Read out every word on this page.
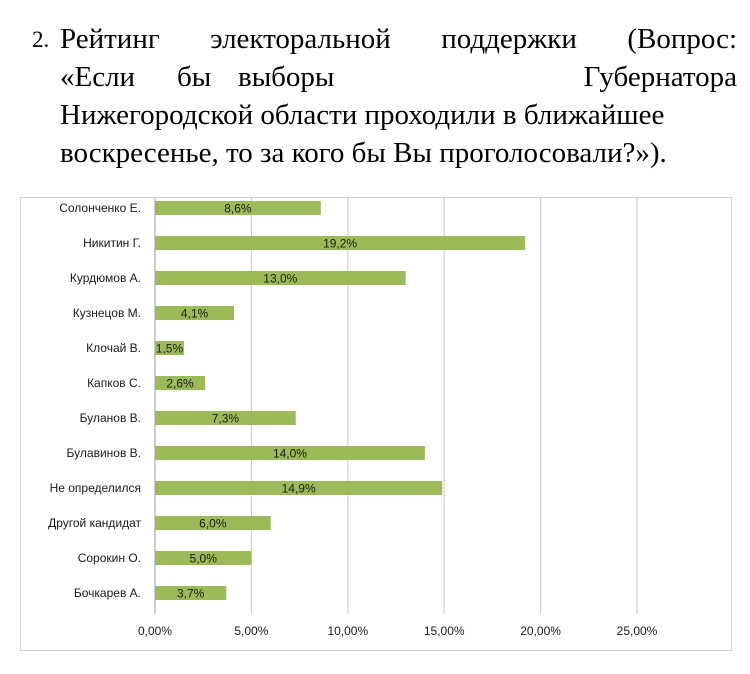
2. Рейтинг электоральной поддержки (Вопрос:
«Если бы выборы	Губернатора
Нижегородской области проходили в ближайшее
воскресенье, то за кого бы Вы проголосовали?»).
0,00%	5,00%	10,00%	15,00%	20,00%	25,00%
Солонченко Е.	8,6%
Никитин Г.	19,2%
Курдюмов А.	13,0%
Кузнецов М.	4,1%
Клочай В. 1,5%
Капков С. 2,6%
Буланов В.	7,3%
Булавинов В.	14,0%
Не определился	14,9%
Другой кандидат	6,0%
Сорокин О.	5,0%
Бочкарев А.	3,7%
